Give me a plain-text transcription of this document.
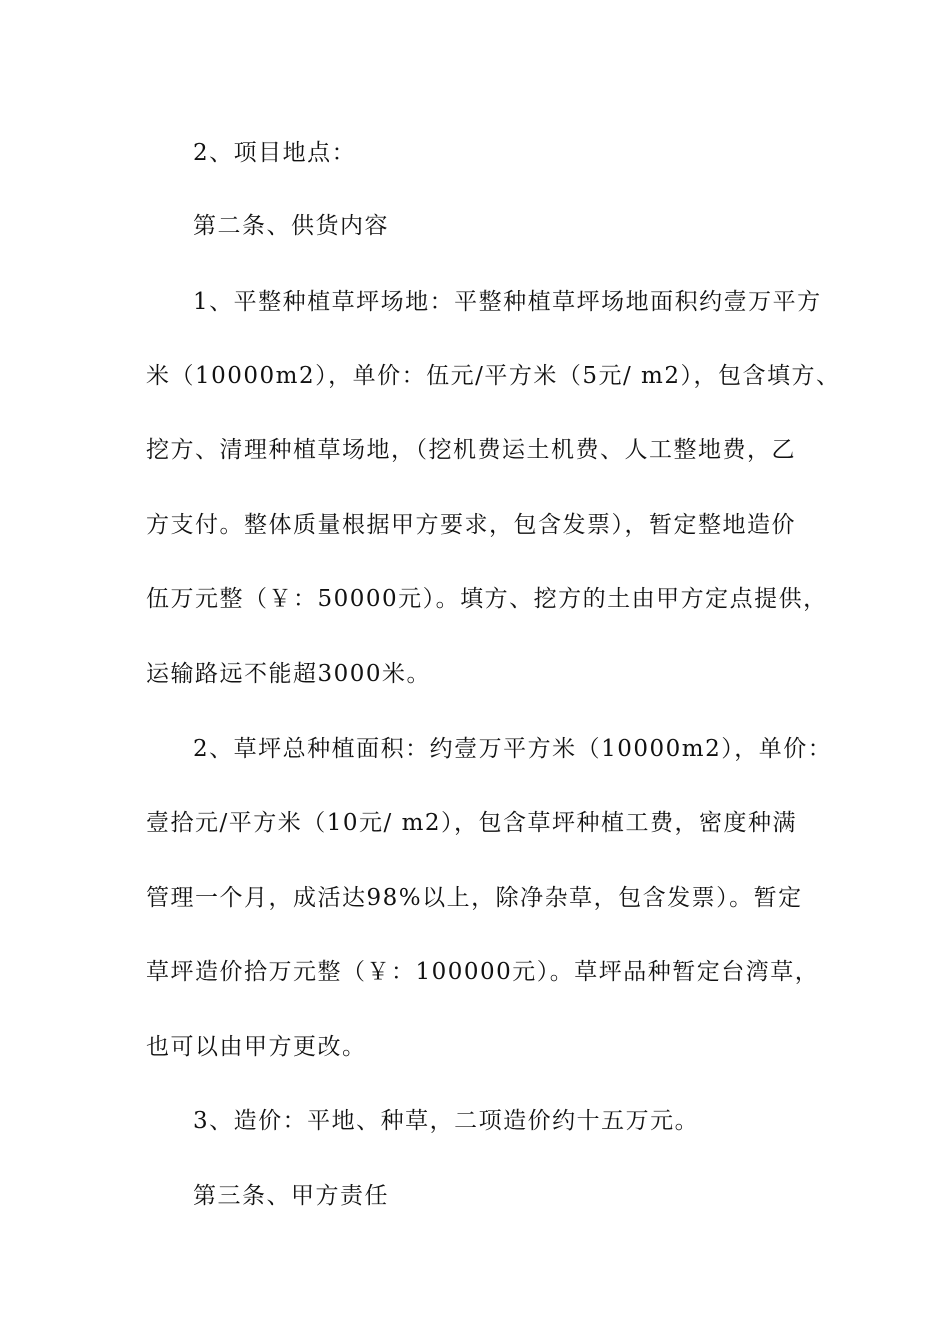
2、项目地点：
第二条、供货内容
1、平整种植草坪场地：平整种植草坪场地面积约壹万平方
米（10000m2），单价：伍元/平方米（5元/ m2），包含填方、
挖方、清理种植草场地，（挖机费运土机费、人工整地费，乙
方支付。整体质量根据甲方要求，包含发票），暂定整地造价
伍万元整（￥：50000元）。填方、挖方的土由甲方定点提供，
运输路远不能超3000米。
2、草坪总种植面积：约壹万平方米（10000m2），单价：
壹拾元/平方米（10元/ m2），包含草坪种植工费，密度种满
管理一个月，成活达98%以上，除净杂草，包含发票）。暂定
草坪造价拾万元整（￥：100000元）。草坪品种暂定台湾草，
也可以由甲方更改。
3、造价：平地、种草，二项造价约十五万元。
第三条、甲方责任
